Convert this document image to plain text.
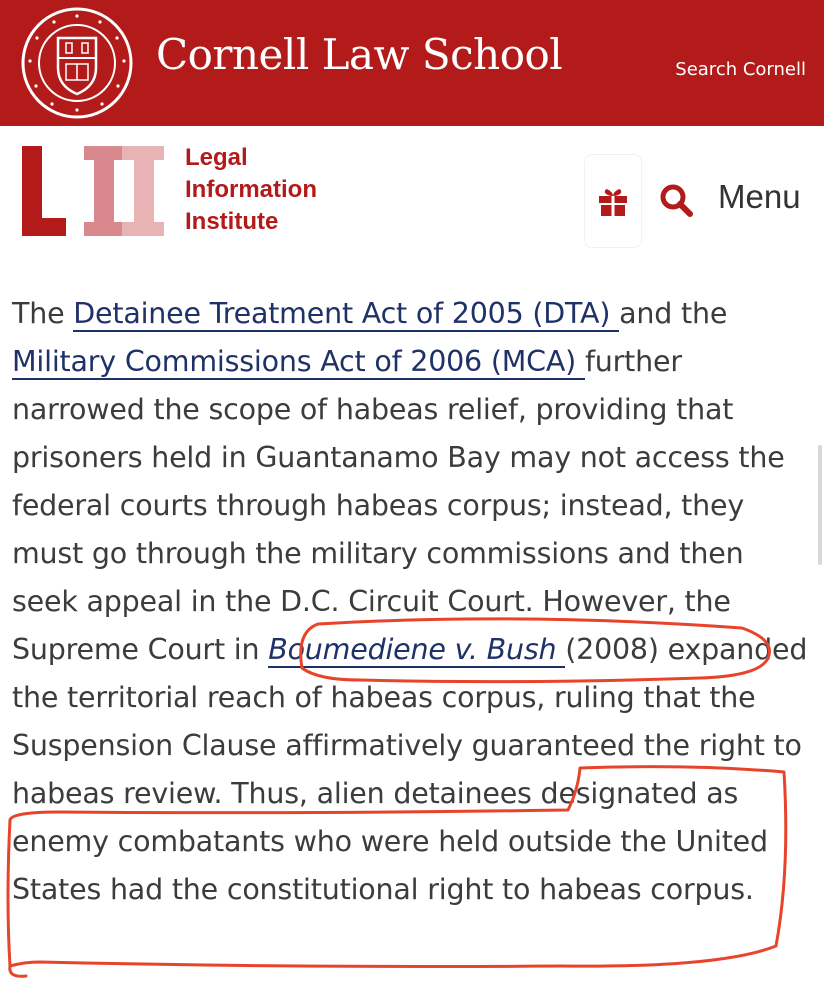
Cornell Law School	Search Cornell
Legal
Information
Institute
Menu
The Detainee Treatment Act of 2005 (DTA) and the Military Commissions Act of 2006 (MCA) further narrowed the scope of habeas relief, providing that prisoners held in Guantanamo Bay may not access the federal courts through habeas corpus; instead, they must go through the military commissions and then seek appeal in the D.C. Circuit Court. However, the Supreme Court in Boumediene v. Bush (2008) expanded the territorial reach of habeas corpus, ruling that the Suspension Clause affirmatively guaranteed the right to habeas review. Thus, alien detainees designated as enemy combatants who were held outside the United States had the constitutional right to habeas corpus.
